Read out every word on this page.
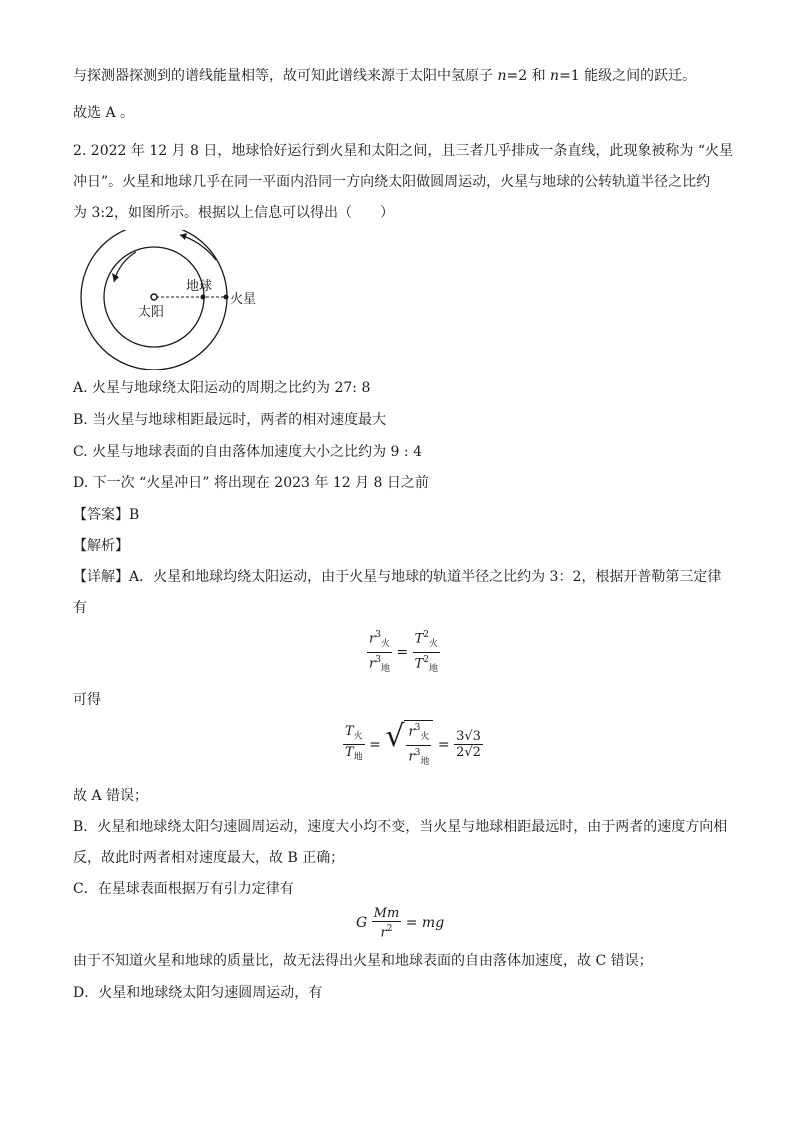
与探测器探测到的谱线能量相等，故可知此谱线来源于太阳中氢原子 n=2 和 n=1 能级之间的跃迁。
故选 A 。
2. 2022 年 12 月 8 日，地球恰好运行到火星和太阳之间，且三者几乎排成一条直线，此现象被称为 “火星
冲日”。火星和地球几乎在同一平面内沿同一方向绕太阳做圆周运动，火星与地球的公转轨道半径之比约
为 3:2，如图所示。根据以上信息可以得出（　　）
太阳
地球
火星
A. 火星与地球绕太阳运动的周期之比约为 27: 8
B. 当火星与地球相距最远时，两者的相对速度最大
C. 火星与地球表面的自由落体加速度大小之比约为 9 : 4
D. 下一次 “火星冲日” 将出现在 2023 年 12 月 8 日之前
【答案】B
【解析】
【详解】A．火星和地球均绕太阳运动，由于火星与地球的轨道半径之比约为 3：2，根据开普勒第三定律
有
$\frac{r^3_火}{r^3_地} = \frac{T^2_火}{T^2_地}$
可得
$\frac{T_火}{T_地}$ = √ $\frac{r^3_火}{r^3_地} = \frac{3√3}{2√2}$
故 A 错误；
B．火星和地球绕太阳匀速圆周运动，速度大小均不变，当火星与地球相距最远时，由于两者的速度方向相
反，故此时两者相对速度最大，故 B 正确；
C．在星球表面根据万有引力定律有
G $\frac{Mm}{r^2}$ = mg
由于不知道火星和地球的质量比，故无法得出火星和地球表面的自由落体加速度，故 C 错误；
D．火星和地球绕太阳匀速圆周运动，有
